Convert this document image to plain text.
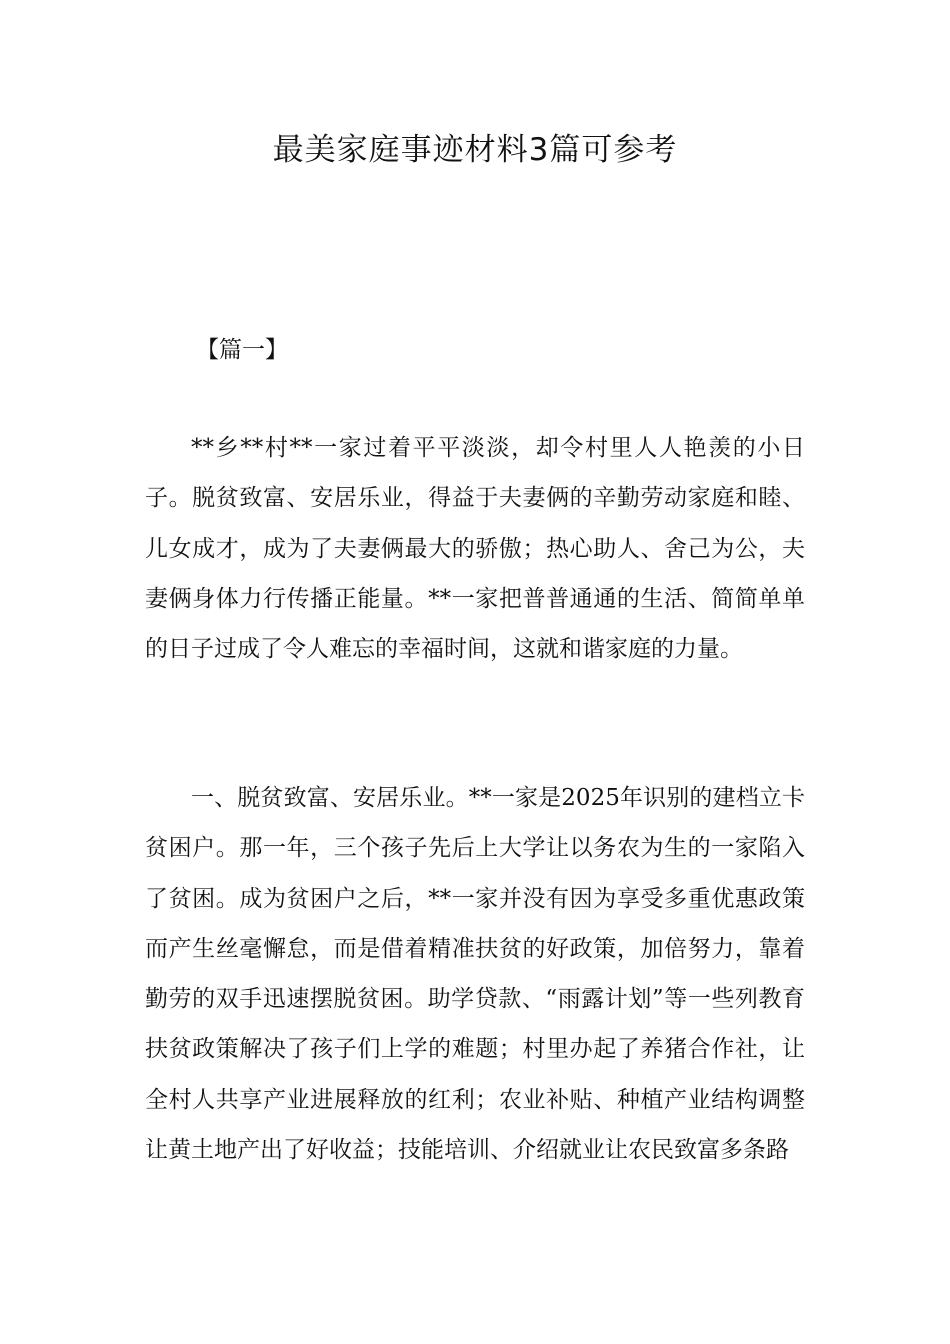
最美家庭事迹材料3篇可参考
【篇一】

**乡**村**一家过着平平淡淡，却令村里人人艳羡的小日子。脱贫致富、安居乐业，得益于夫妻俩的辛勤劳动家庭和睦、儿女成才，成为了夫妻俩最大的骄傲；热心助人、舍己为公，夫妻俩身体力行传播正能量。**一家把普普通通的生活、简简单单的日子过成了令人难忘的幸福时间，这就和谐家庭的力量。

一、脱贫致富、安居乐业。**一家是2025年识别的建档立卡贫困户。那一年，三个孩子先后上大学让以务农为生的一家陷入了贫困。成为贫困户之后，**一家并没有因为享受多重优惠政策而产生丝毫懈怠，而是借着精准扶贫的好政策，加倍努力，靠着勤劳的双手迅速摆脱贫困。助学贷款、“雨露计划”等一些列教育扶贫政策解决了孩子们上学的难题；村里办起了养猪合作社，让全村人共享产业进展释放的红利；农业补贴、种植产业结构调整让黄土地产出了好收益；技能培训、介绍就业让农民致富多条路
